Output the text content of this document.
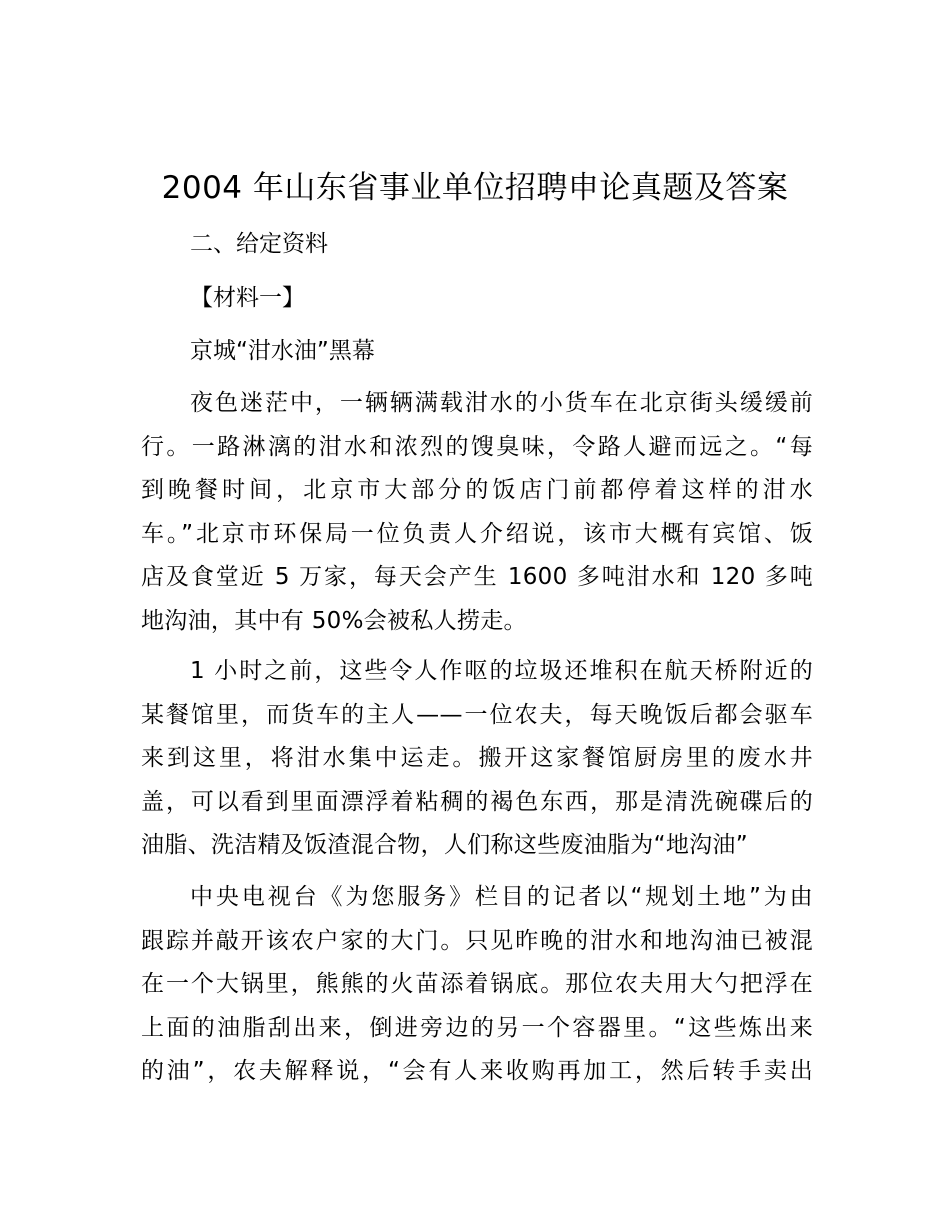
2004 年山东省事业单位招聘申论真题及答案
二、给定资料
【材料一】
京城“泔水油”黑幕
夜色迷茫中，一辆辆满载泔水的小货车在北京街头缓缓前
行。一路淋漓的泔水和浓烈的馊臭味，令路人避而远之。“每
到晚餐时间，北京市大部分的饭店门前都停着这样的泔水
车。”北京市环保局一位负责人介绍说，该市大概有宾馆、饭
店及食堂近 5 万家，每天会产生 1600 多吨泔水和 120 多吨
地沟油，其中有 50%会被私人捞走。
1 小时之前，这些令人作呕的垃圾还堆积在航天桥附近的
某餐馆里，而货车的主人——一位农夫，每天晚饭后都会驱车
来到这里，将泔水集中运走。搬开这家餐馆厨房里的废水井
盖，可以看到里面漂浮着粘稠的褐色东西，那是清洗碗碟后的
油脂、洗洁精及饭渣混合物，人们称这些废油脂为“地沟油”
中央电视台《为您服务》栏目的记者以“规划土地”为由
跟踪并敲开该农户家的大门。只见昨晚的泔水和地沟油已被混
在一个大锅里，熊熊的火苗添着锅底。那位农夫用大勺把浮在
上面的油脂刮出来，倒进旁边的另一个容器里。“这些炼出来
的油”，农夫解释说，“会有人来收购再加工，然后转手卖出
